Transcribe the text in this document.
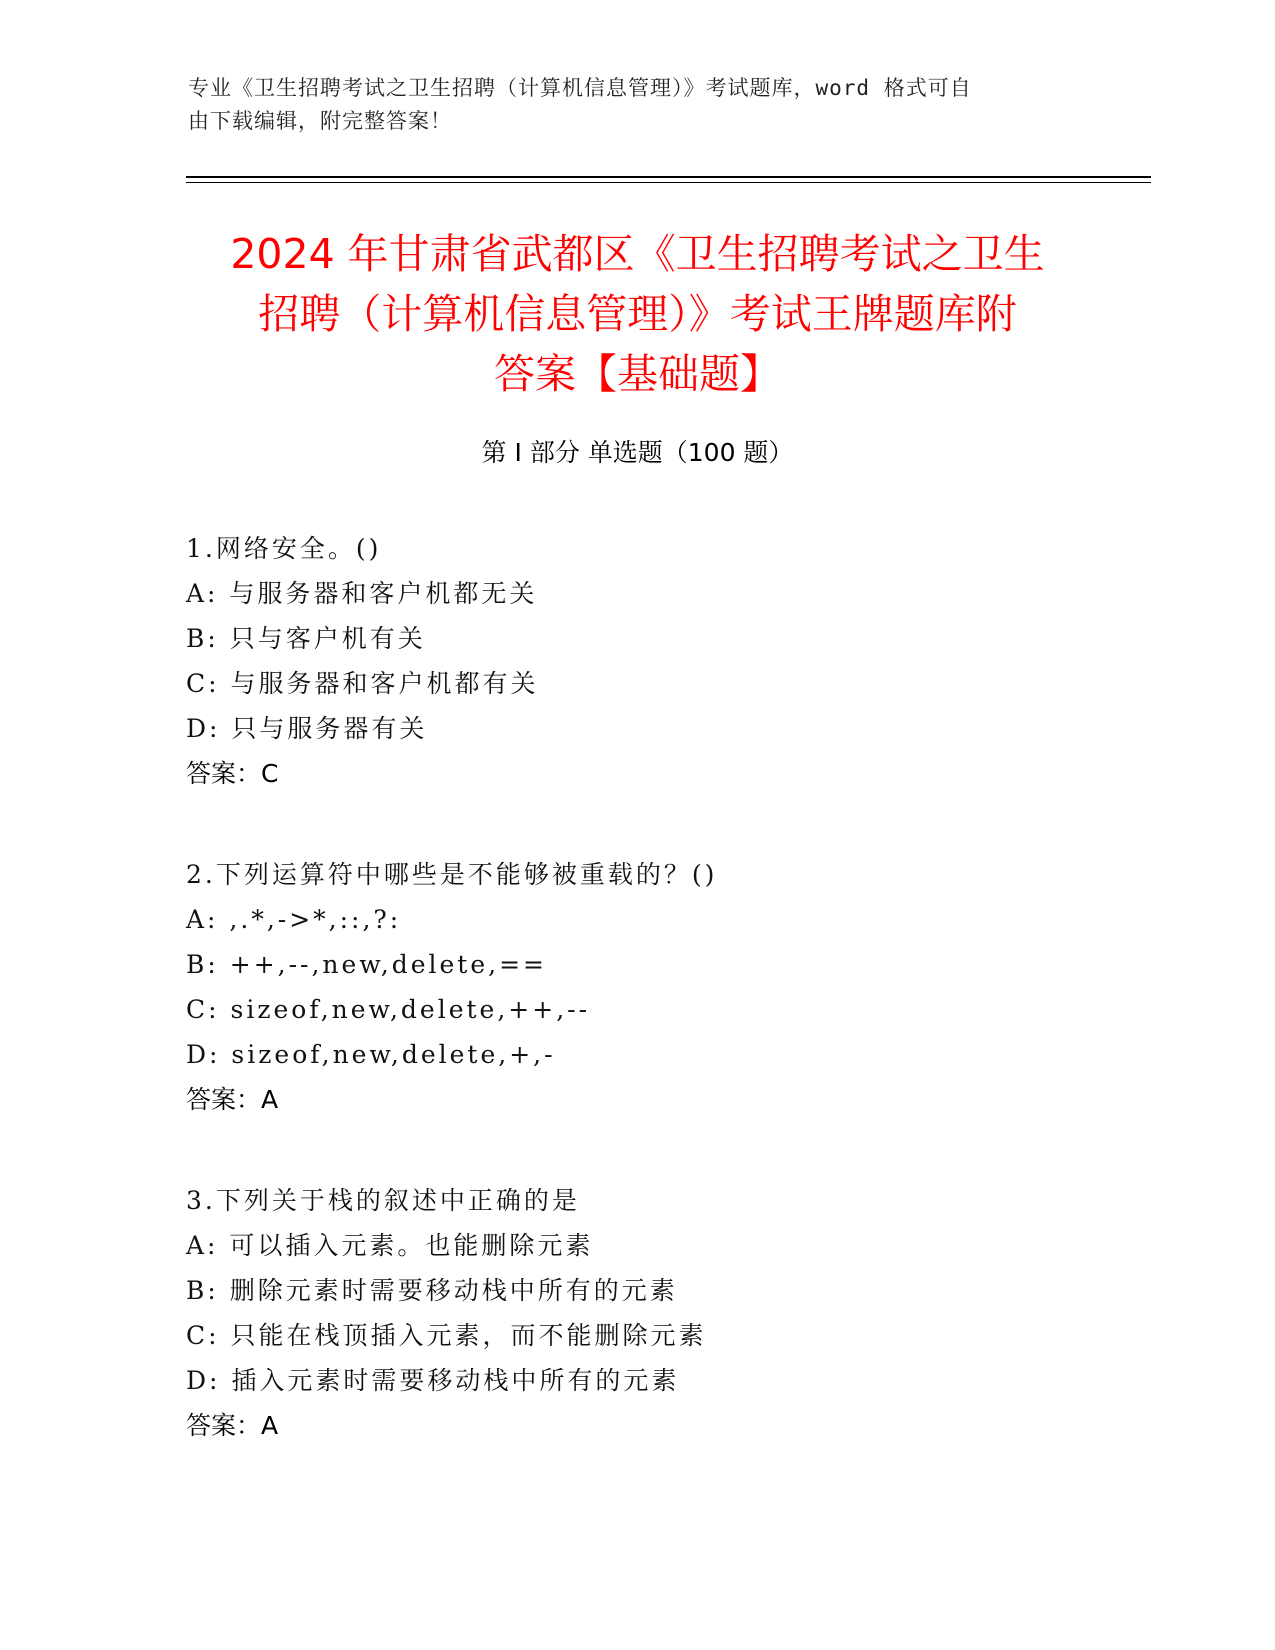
专业《卫生招聘考试之卫生招聘（计算机信息管理）》考试题库，word 格式可自
由下载编辑，附完整答案！
2024 年甘肃省武都区《卫生招聘考试之卫生
招聘（计算机信息管理）》考试王牌题库附
答案【基础题】
第 I 部分 单选题（100 题）
1.网络安全。()
A: 与服务器和客户机都无关
B: 只与客户机有关
C: 与服务器和客户机都有关
D: 只与服务器有关
答案：C
2.下列运算符中哪些是不能够被重载的？()
A: ,.*,->*,::,?:
B: ++,--,new,delete,==
C: sizeof,new,delete,++,--
D: sizeof,new,delete,+,-
答案：A
3.下列关于栈的叙述中正确的是
A: 可以插入元素。也能删除元素
B: 删除元素时需要移动栈中所有的元素
C: 只能在栈顶插入元素，而不能删除元素
D: 插入元素时需要移动栈中所有的元素
答案：A
